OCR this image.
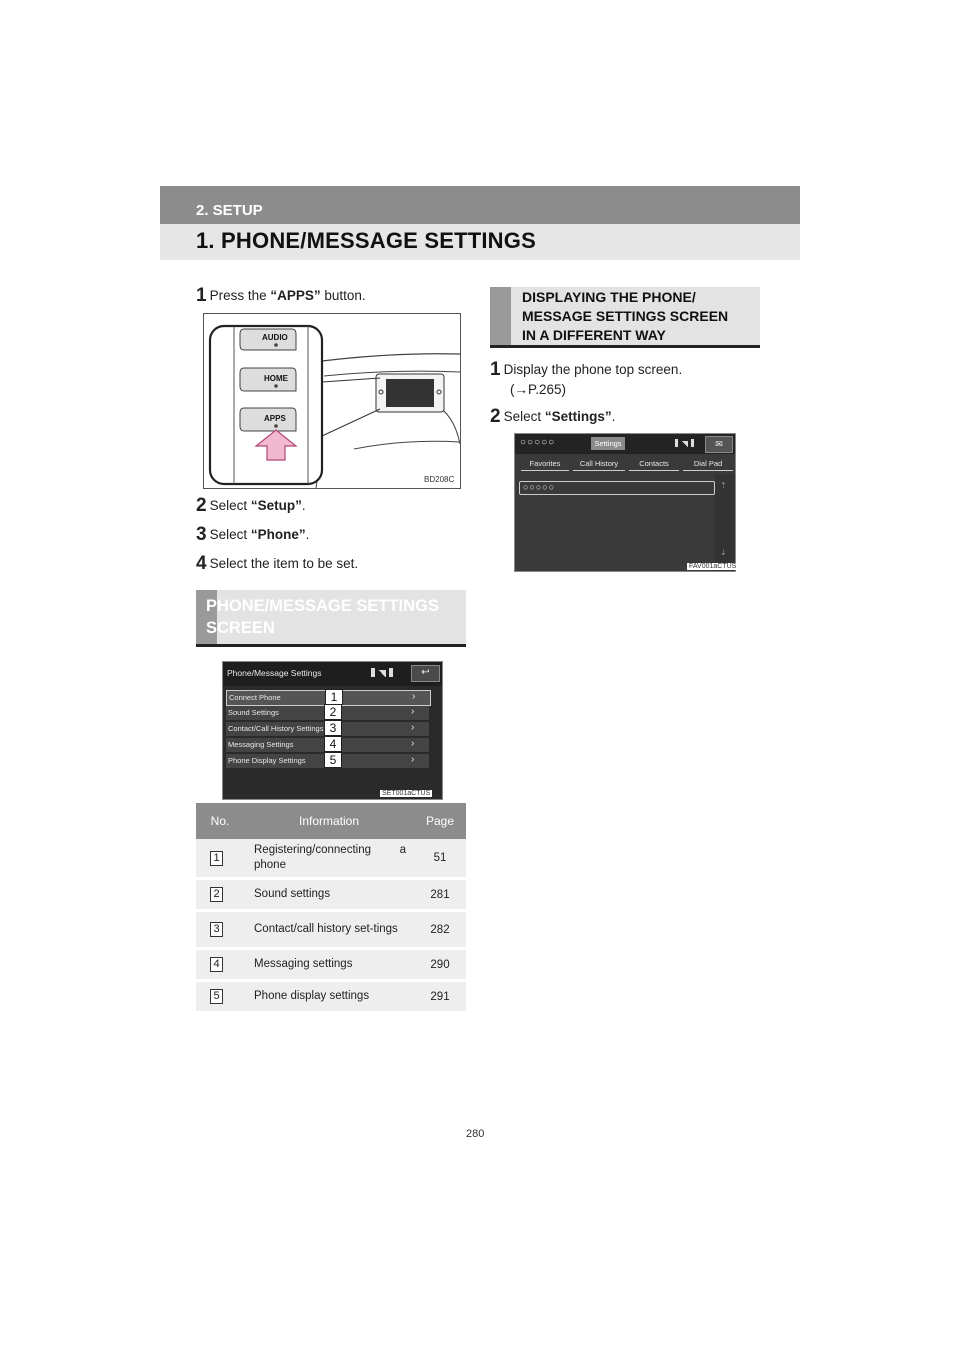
2. SETUP
1. PHONE/MESSAGE SETTINGS
1 Press the “APPS” button.
AUDIO
HOME
APPS
BD208C
2 Select “Setup”.
3 Select “Phone”.
4 Select the item to be set.
PHONE/MESSAGE SETTINGS
SCREEN
Phone/Message Settings	↩
Connect Phone	›
1
Sound Settings	›
2
Contact/Call History Settings	›
3
Messaging Settings	›
4
Phone Display Settings	›
5
SET001aCTUS
No.	Information	Page
1	Registering/connecting a phone	51
2	Sound settings	281
3	Contact/call history set-tings	282
4	Messaging settings	290
5	Phone display settings	291
DISPLAYING THE PHONE/
MESSAGE SETTINGS SCREEN
IN A DIFFERENT WAY
1 Display the phone top screen.
(→P.265)
2 Select “Settings”.
○○○○○	Settings	✉
Favorites	Call History	Contacts	Dial Pad
○○○○○	⇡
⇣
FAV001aCTUS
280
